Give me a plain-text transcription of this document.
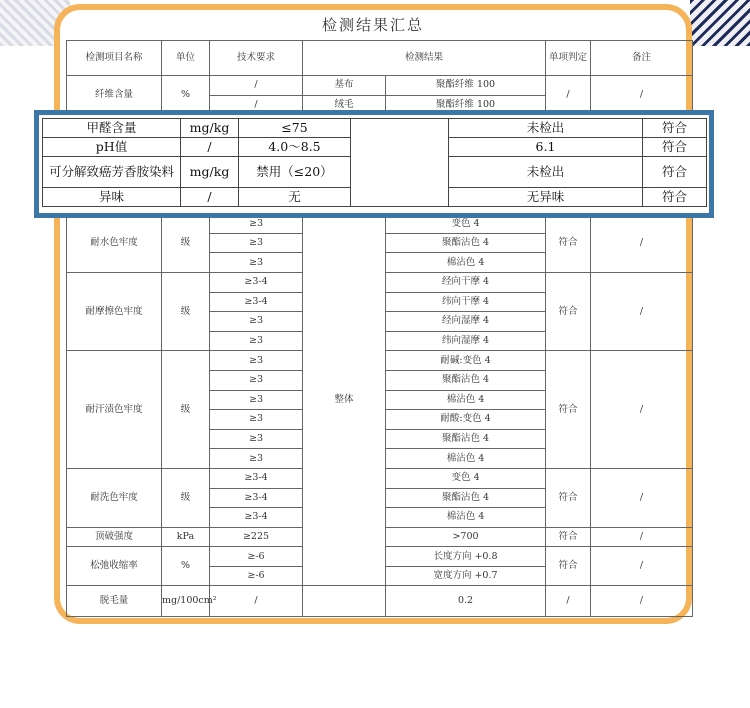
检测结果汇总
检测项目名称	单位	技术要求	检测结果		单项判定	备注
纤维含量	%	/	基布	聚酯纤维 100	/	/
		/	绒毛	聚酯纤维 100		

耐水色牢度	级	≥3	整体	变色 4	符合	/
		≥3		聚酯沾色 4		
		≥3		棉沾色 4		
耐摩擦色牢度	级	≥3-4		经向干摩 4	符合	/
		≥3-4		纬向干摩 4		
		≥3		经向湿摩 4		
		≥3		纬向湿摩 4		
耐汗渍色牢度	级	≥3		耐碱:变色 4	符合	/
		≥3		聚酯沾色 4		
		≥3		棉沾色 4		
		≥3		耐酸:变色 4		
		≥3		聚酯沾色 4		
		≥3		棉沾色 4		
耐洗色牢度	级	≥3-4		变色 4	符合	/
		≥3-4		聚酯沾色 4		
		≥3-4		棉沾色 4		
顶破强度	kPa	≥225		>700	符合	/
松弛收缩率	%	≥-6		长度方向 +0.8	符合	/
		≥-6		宽度方向 +0.7		
脱毛量	mg/100cm²	/		0.2	/	/
甲醛含量	mg/kg	≤75		未检出	符合
pH值	/	4.0～8.5		6.1	符合
可分解致癌芳香胺染料	mg/kg	禁用（≤20）		未检出	符合
异味	/	无		无异味	符合
